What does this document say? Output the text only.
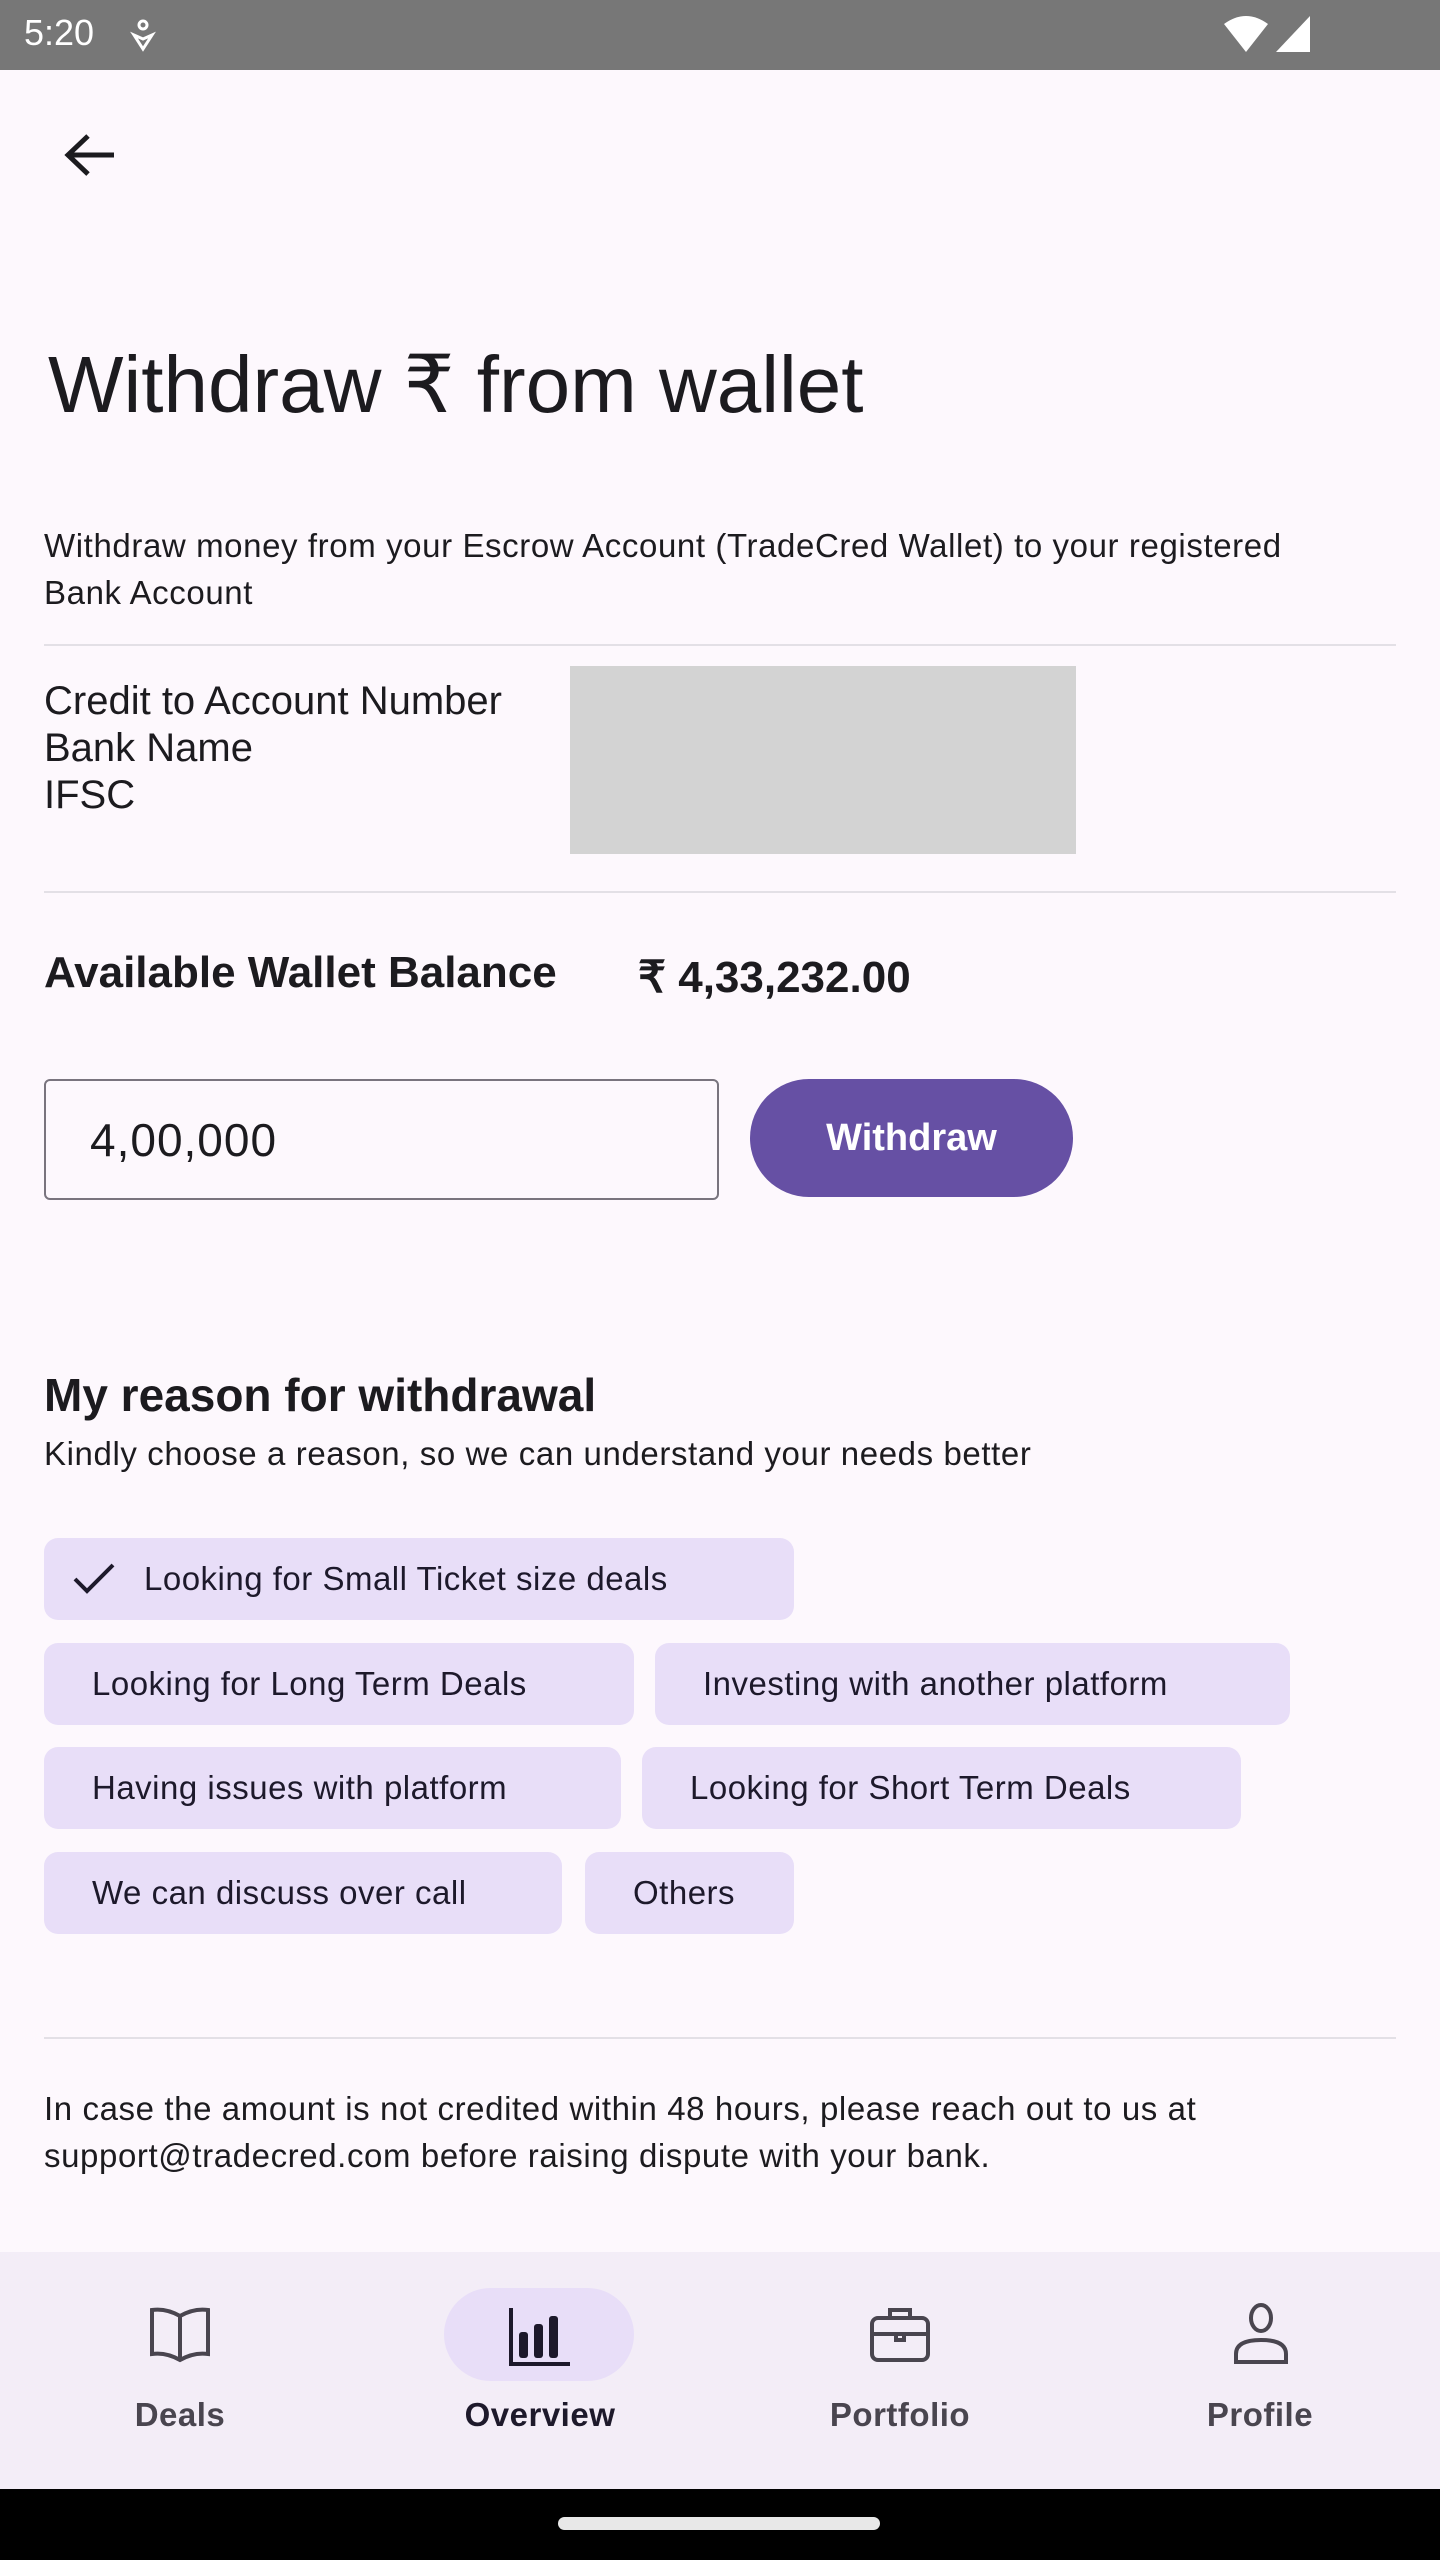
5:20
Withdraw ₹ from wallet
Withdraw money from your Escrow Account (TradeCred Wallet) to your registered Bank Account
Credit to Account Number
Bank Name
IFSC
Available Wallet Balance ₹ 4,33,232.00
4,00,000	Withdraw
My reason for withdrawal
Kindly choose a reason, so we can understand your needs better
Looking for Small Ticket size deals
Looking for Long Term Deals	Investing with another platform
Having issues with platform	Looking for Short Term Deals
We can discuss over call	Others
In case the amount is not credited within 48 hours, please reach out to us at support@tradecred.com before raising dispute with your bank.
Deals	Overview	Portfolio	Profile
